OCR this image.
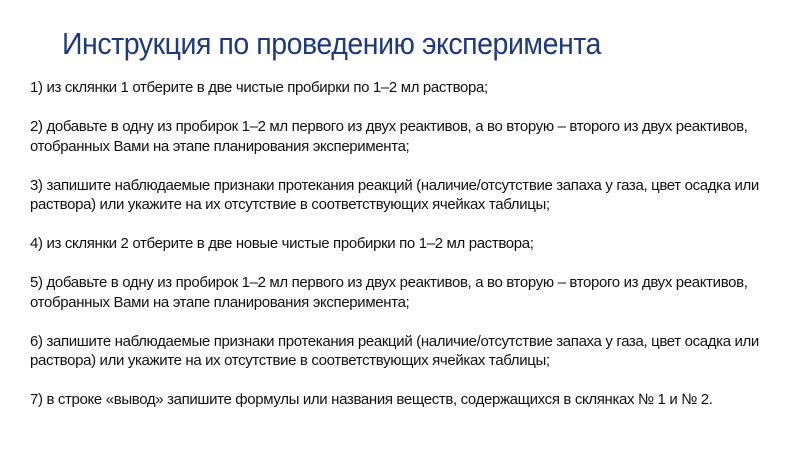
Инструкция по проведению эксперимента

1) из склянки 1 отберите в две чистые пробирки по 1–2 мл раствора;

2) добавьте в одну из пробирок 1–2 мл первого из двух реактивов, а во вторую – второго из двух реактивов, отобранных Вами на этапе планирования эксперимента;

3) запишите наблюдаемые признаки протекания реакций (наличие/отсутствие запаха у газа, цвет осадка или раствора) или укажите на их отсутствие в соответствующих ячейках таблицы;

4) из склянки 2 отберите в две новые чистые пробирки по 1–2 мл раствора;

5) добавьте в одну из пробирок 1–2 мл первого из двух реактивов, а во вторую – второго из двух реактивов, отобранных Вами на этапе планирования эксперимента;

6) запишите наблюдаемые признаки протекания реакций (наличие/отсутствие запаха у газа, цвет осадка или раствора) или укажите на их отсутствие в соответствующих ячейках таблицы;

7) в строке «вывод» запишите формулы или названия веществ, содержащихся в склянках № 1 и № 2.
